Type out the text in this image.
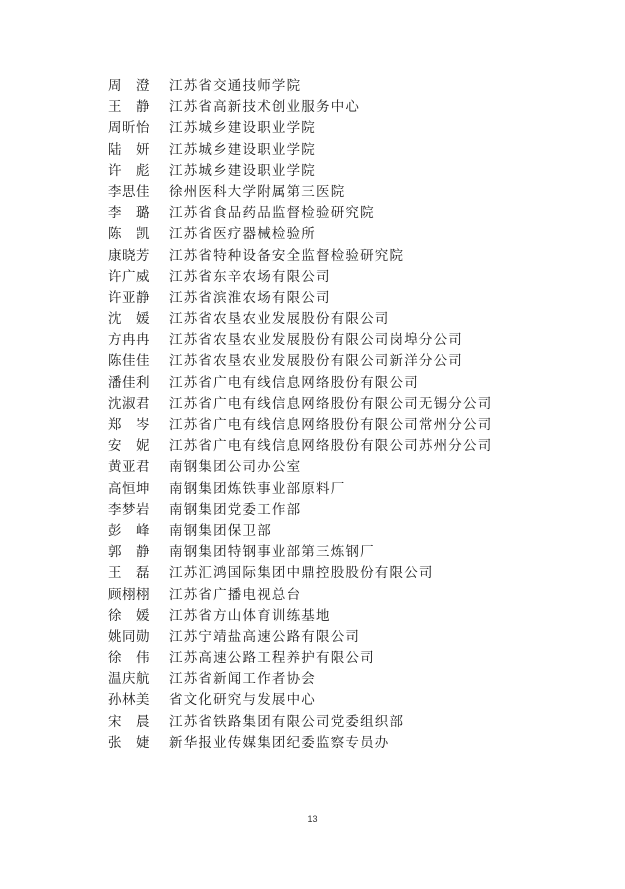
周　澄	江苏省交通技师学院
王　静	江苏省高新技术创业服务中心
周昕怡	江苏城乡建设职业学院
陆　妍	江苏城乡建设职业学院
许　彪	江苏城乡建设职业学院
李思佳	徐州医科大学附属第三医院
李　璐	江苏省食品药品监督检验研究院
陈　凯	江苏省医疗器械检验所
康晓芳	江苏省特种设备安全监督检验研究院
许广威	江苏省东辛农场有限公司
许亚静	江苏省滨淮农场有限公司
沈　媛	江苏省农垦农业发展股份有限公司
方冉冉	江苏省农垦农业发展股份有限公司岗埠分公司
陈佳佳	江苏省农垦农业发展股份有限公司新洋分公司
潘佳利	江苏省广电有线信息网络股份有限公司
沈淑君	江苏省广电有线信息网络股份有限公司无锡分公司
郑　岑	江苏省广电有线信息网络股份有限公司常州分公司
安　妮	江苏省广电有线信息网络股份有限公司苏州分公司
黄亚君	南钢集团公司办公室
高恒坤	南钢集团炼铁事业部原料厂
李梦岩	南钢集团党委工作部
彭　峰	南钢集团保卫部
郭　静	南钢集团特钢事业部第三炼钢厂
王　磊	江苏汇鸿国际集团中鼎控股股份有限公司
顾栩栩	江苏省广播电视总台
徐　媛	江苏省方山体育训练基地
姚同勋	江苏宁靖盐高速公路有限公司
徐　伟	江苏高速公路工程养护有限公司
温庆航	江苏省新闻工作者协会
孙林美	省文化研究与发展中心
宋　晨	江苏省铁路集团有限公司党委组织部
张　婕	新华报业传媒集团纪委监察专员办
13
